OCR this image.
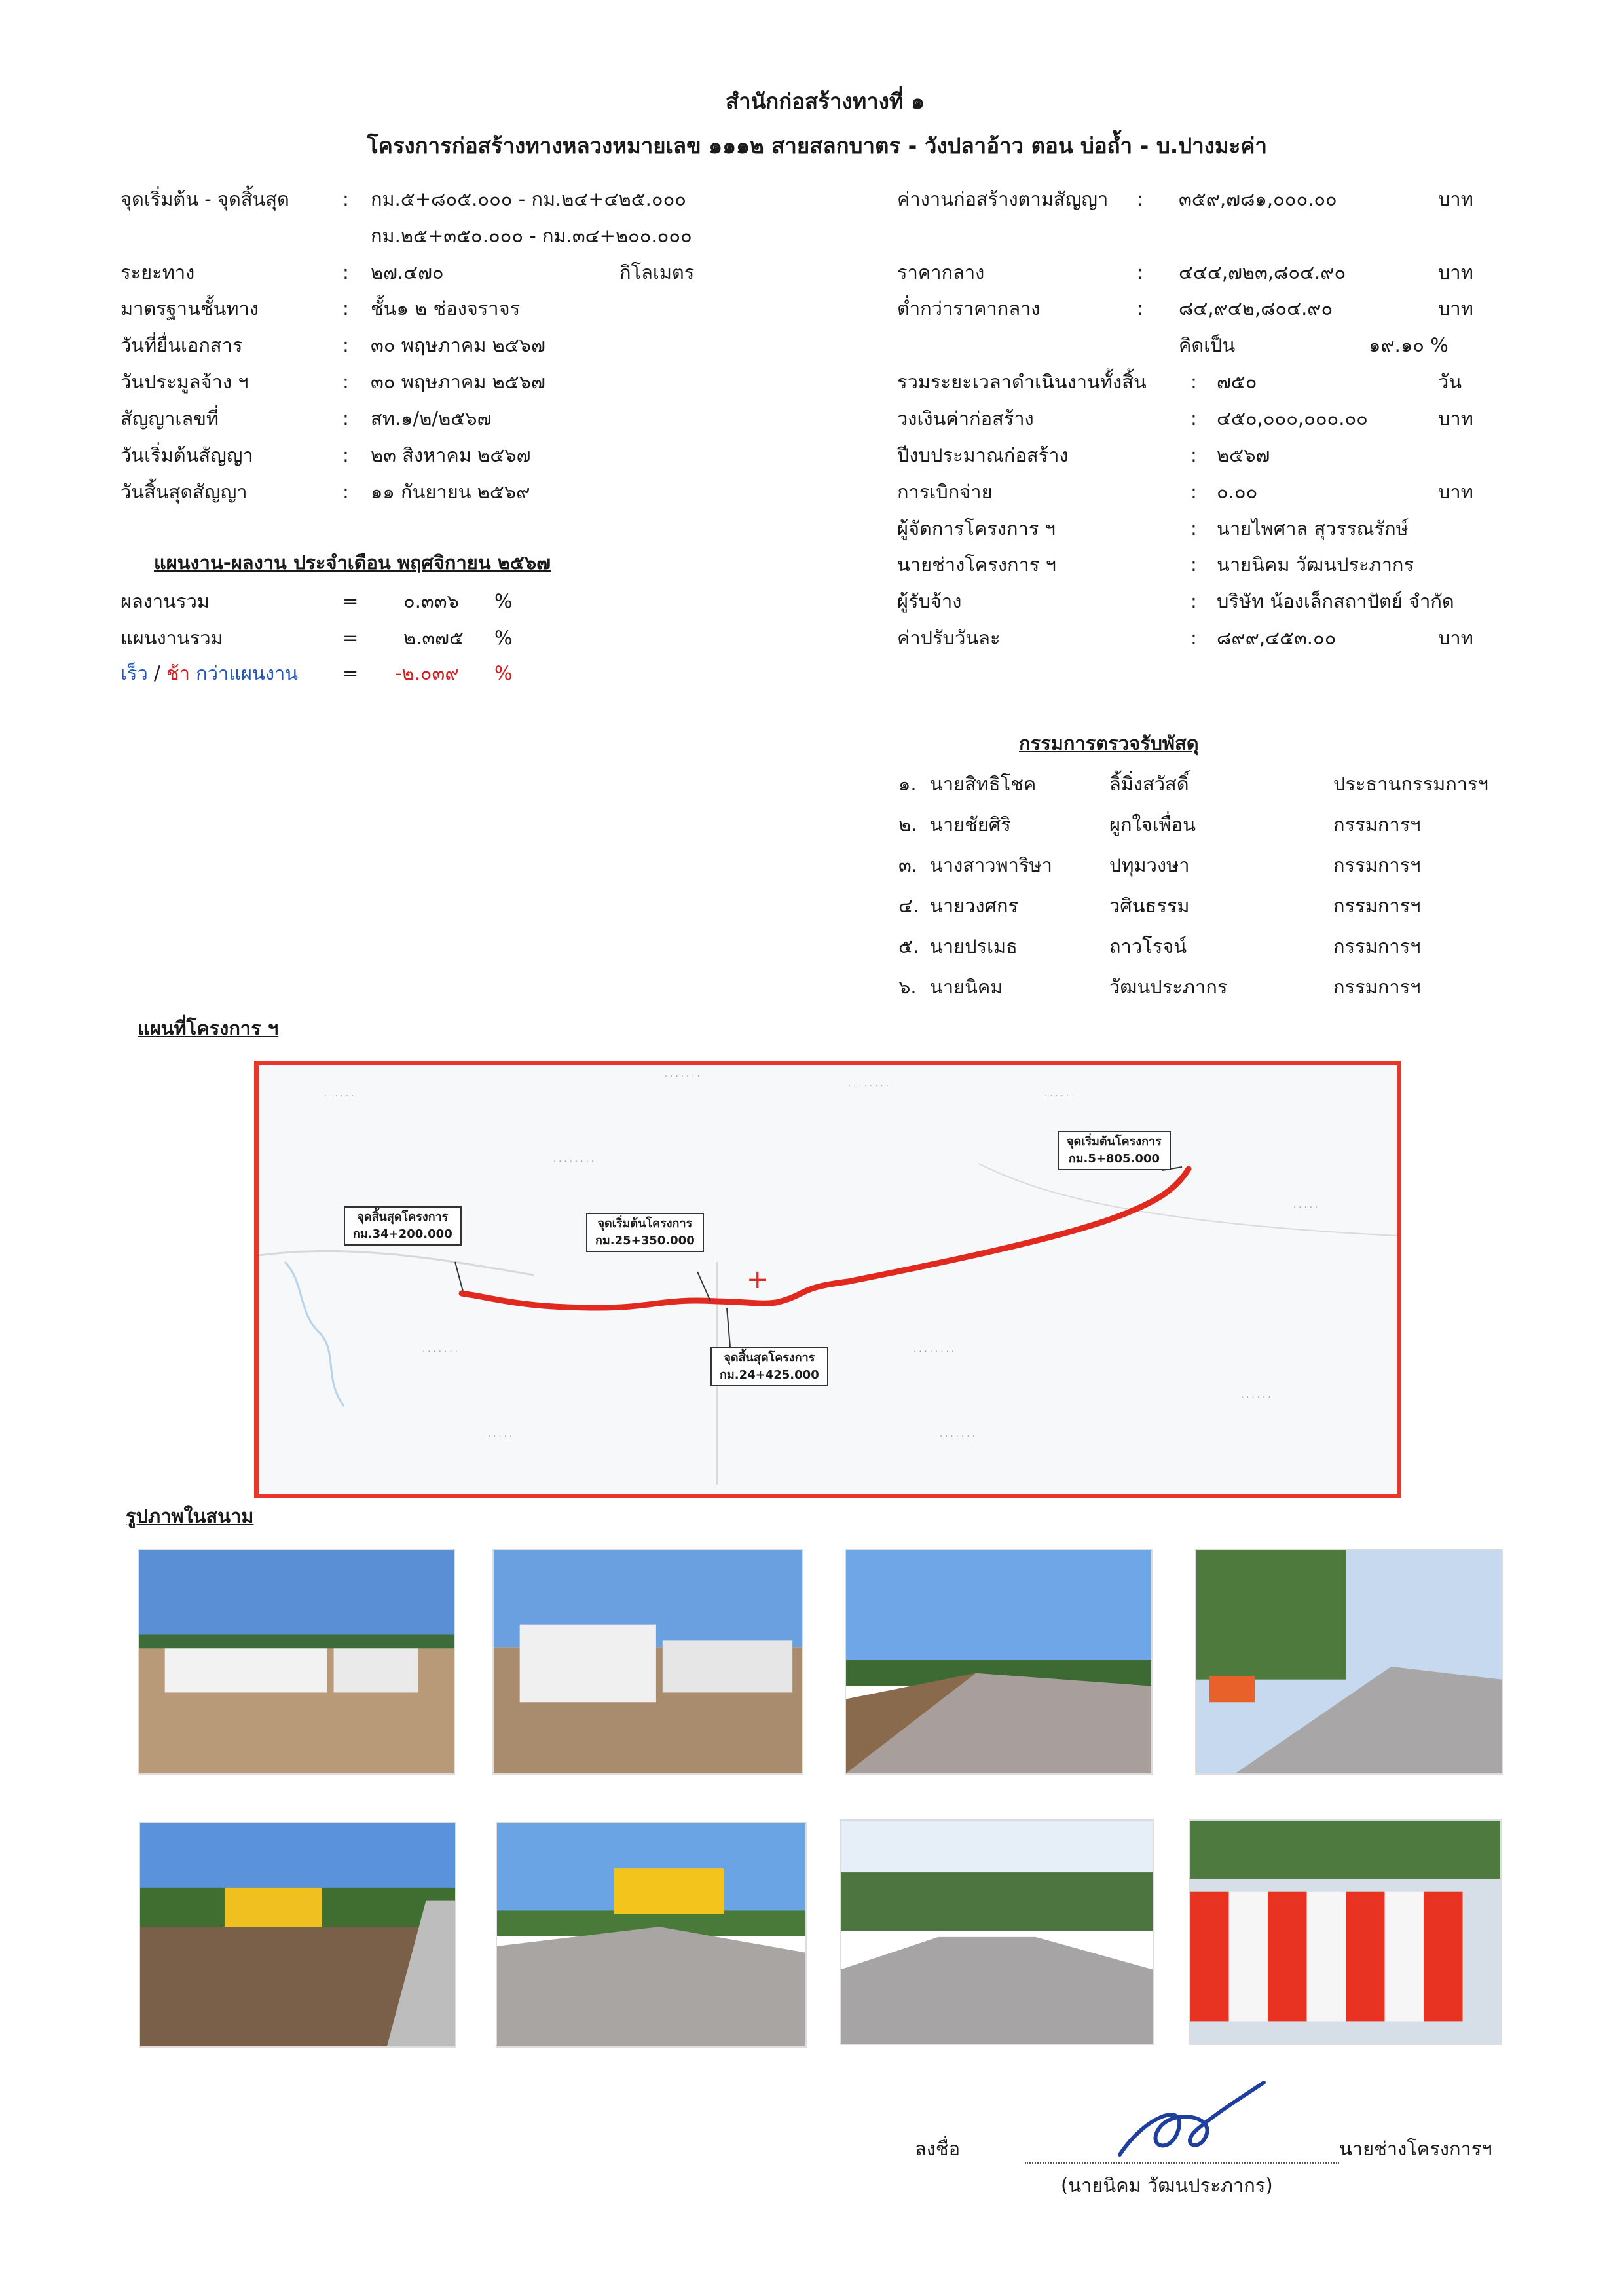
สำนักก่อสร้างทางที่ ๑
โครงการก่อสร้างทางหลวงหมายเลข ๑๑๑๒ สายสลกบาตร - วังปลาอ้าว ตอน บ่อถ้ำ - บ.ปางมะค่า
จุดเริ่มต้น - จุดสิ้นสุด	: กม.๕+๘๐๕.๐๐๐ - กม.๒๔+๔๒๕.๐๐๐
กม.๒๕+๓๕๐.๐๐๐ - กม.๓๔+๒๐๐.๐๐๐
ระยะทาง	: ๒๗.๔๗๐	กิโลเมตร
มาตรฐานชั้นทาง	: ชั้น๑ ๒ ช่องจราจร
วันที่ยื่นเอกสาร	: ๓๐ พฤษภาคม ๒๕๖๗
วันประมูลจ้าง ฯ	: ๓๐ พฤษภาคม ๒๕๖๗
สัญญาเลขที่	: สท.๑/๒/๒๕๖๗
วันเริ่มต้นสัญญา	: ๒๓ สิงหาคม ๒๕๖๗
วันสิ้นสุดสัญญา	: ๑๑ กันยายน ๒๕๖๙
ค่างานก่อสร้างตามสัญญา : ๓๕๙,๗๘๑,๐๐๐.๐๐	บาท
ราคากลาง	: ๔๔๔,๗๒๓,๘๐๔.๙๐	บาท
ต่ำกว่าราคากลาง	: ๘๔,๙๔๒,๘๐๔.๙๐	บาท
คิดเป็น	๑๙.๑๐ %
รวมระยะเวลาดำเนินงานทั้งสิ้น : ๗๕๐	วัน
วงเงินค่าก่อสร้าง	: ๔๕๐,๐๐๐,๐๐๐.๐๐	บาท
ปีงบประมาณก่อสร้าง	: ๒๕๖๗
การเบิกจ่าย	: ๐.๐๐	บาท
ผู้จัดการโครงการ ฯ	: นายไพศาล สุวรรณรักษ์
นายช่างโครงการ ฯ	: นายนิคม วัฒนประภากร
ผู้รับจ้าง	: บริษัท น้องเล็กสถาปัตย์ จำกัด
ค่าปรับวันละ	: ๘๙๙,๔๕๓.๐๐	บาท
แผนงาน-ผลงาน ประจำเดือน พฤศจิกายน ๒๕๖๗
ผลงานรวม	= ๐.๓๓๖ %
แผนงานรวม	= ๒.๓๗๕ %
เร็ว / ช้า กว่าแผนงาน = -๒.๐๓๙ %
กรรมการตรวจรับพัสดุ
๑. นายสิทธิโชค	ลิ้มิ่งสวัสดิ์	ประธานกรรมการฯ
๒. นายชัยศิริ	ผูกใจเพื่อน	กรรมการฯ
๓. นางสาวพาริษา	ปทุมวงษา	กรรมการฯ
๔. นายวงศกร	วศินธรรม	กรรมการฯ
๕. นายปรเมธ	ถาวโรจน์	กรรมการฯ
๖. นายนิคม	วัฒนประภากร	กรรมการฯ
แผนที่โครงการ ฯ
+
· · · · · · ·
· · · · · · · ·
· · · · · ·	· · · · · ·
· · · · · · · ·
· · · · ·
· · · · · · ·	· · · · · · · ·
· · · · · ·
· · · · ·	· · · · · · ·
จุดเริ่มต้นโครงการ
กม.5+805.000
จุดเริ่มต้นโครงการ
กม.25+350.000
จุดสิ้นสุดโครงการ
กม.34+200.000
จุดสิ้นสุดโครงการ
กม.24+425.000
รูปภาพในสนาม
ลงชื่อ	นายช่างโครงการฯ
(นายนิคม วัฒนประภากร)
